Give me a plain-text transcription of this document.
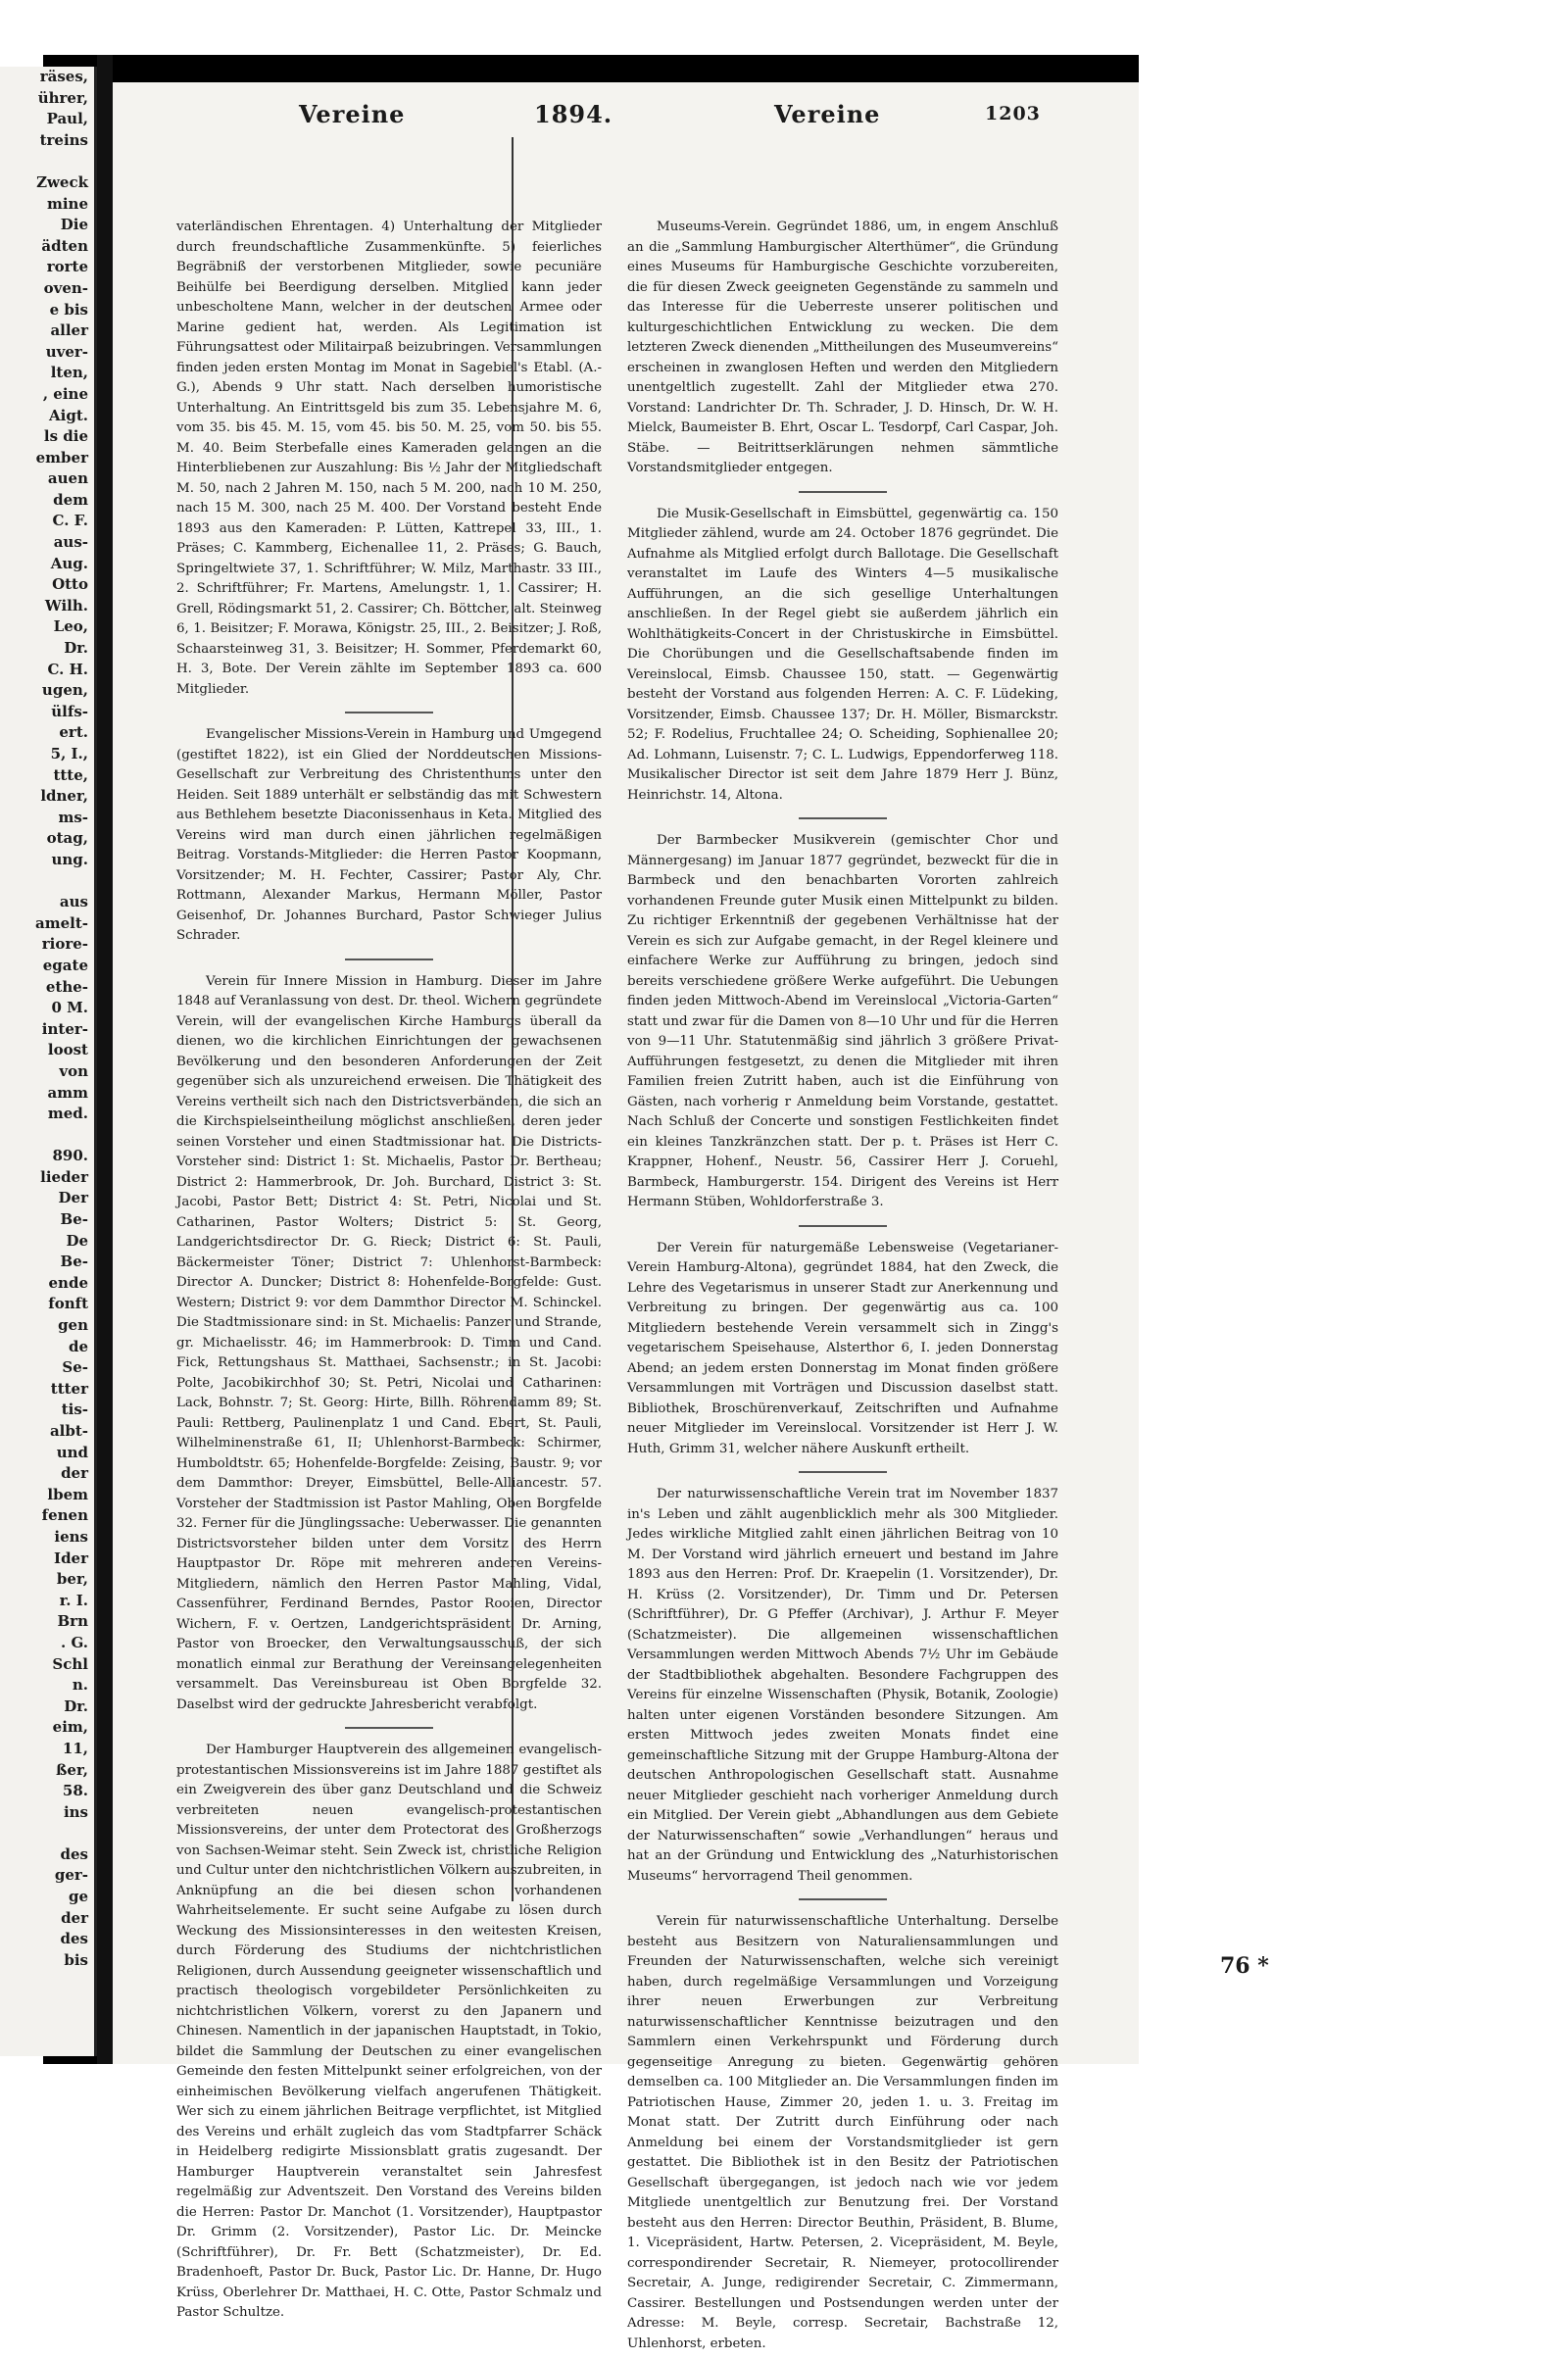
räses,
ührer,
Paul,
treins

Zweck
mine
Die
ädten
rorte
oven-
e bis
aller
uver-
lten,
, eine
Aigt.
ls die
ember
auen
dem
C. F.
aus-
Aug.
Otto
Wilh.
Leo,
Dr.
C. H.
ugen,
ülfs-
ert.
5, I.,
ttte,
ldner,
ms-
otag,
ung.

aus
amelt-
riore-
egate
ethe-
0 M.
inter-
loost
von
amm
med.

890.
lieder
Der
Be-
De
Be-
ende
fonft
gen
de
Se-
ttter
tis-
albt-
und
der
lbem
fenen
iens
Ider
ber,
r. I.
Brn
. G.
Schl
n.
Dr.
eim,
11,
ßer,
58.
ins

des
ger-
ge
der
des
bis
Vereine	1894.	Vereine	1203

vaterländischen Ehrentagen. 4) Unterhaltung der Mitglieder durch freundschaftliche Zusammenkünfte. 5) feierliches Begräbniß der verstorbenen Mitglieder, sowie pecuniäre Beihülfe bei Beerdigung derselben. Mitglied kann jeder unbescholtene Mann, welcher in der deutschen Armee oder Marine gedient hat, werden. Als Legitimation ist Führungsattest oder Militairpaß beizubringen. Versammlungen finden jeden ersten Montag im Monat in Sagebiel's Etabl. (A.-G.), Abends 9 Uhr statt. Nach derselben humoristische Unterhaltung. An Eintrittsgeld bis zum 35. Lebensjahre M. 6, vom 35. bis 45. M. 15, vom 45. bis 50. M. 25, vom 50. bis 55. M. 40. Beim Sterbefalle eines Kameraden gelangen an die Hinterbliebenen zur Auszahlung: Bis ½ Jahr der Mitgliedschaft M. 50, nach 2 Jahren M. 150, nach 5 M. 200, nach 10 M. 250, nach 15 M. 300, nach 25 M. 400. Der Vorstand besteht Ende 1893 aus den Kameraden: P. Lütten, Kattrepel 33, III., 1. Präses; C. Kammberg, Eichenallee 11, 2. Präses; G. Bauch, Springeltwiete 37, 1. Schriftführer; W. Milz, Marthastr. 33 III., 2. Schriftführer; Fr. Martens, Amelungstr. 1, 1. Cassirer; H. Grell, Rödingsmarkt 51, 2. Cassirer; Ch. Böttcher, alt. Steinweg 6, 1. Beisitzer; F. Morawa, Königstr. 25, III., 2. Beisitzer; J. Roß, Schaarsteinweg 31, 3. Beisitzer; H. Sommer, Pferdemarkt 60, H. 3, Bote. Der Verein zählte im September 1893 ca. 600 Mitglieder.

Evangelischer Missions-Verein in Hamburg und Umgegend (gestiftet 1822), ist ein Glied der Norddeutschen Missions-Gesellschaft zur Verbreitung des Christenthums unter den Heiden. Seit 1889 unterhält er selbständig das mit Schwestern aus Bethlehem besetzte Diaconissenhaus in Keta. Mitglied des Vereins wird man durch einen jährlichen regelmäßigen Beitrag. Vorstands-Mitglieder: die Herren Pastor Koopmann, Vorsitzender; M. H. Fechter, Cassirer; Pastor Aly, Chr. Rottmann, Alexander Markus, Hermann Möller, Pastor Geisenhof, Dr. Johannes Burchard, Pastor Schwieger Julius Schrader.

Verein für Innere Mission in Hamburg. Dieser im Jahre 1848 auf Veranlassung von dest. Dr. theol. Wichern gegründete Verein, will der evangelischen Kirche Hamburgs überall da dienen, wo die kirchlichen Einrichtungen der gewachsenen Bevölkerung und den besonderen Anforderungen der Zeit gegenüber sich als unzureichend erweisen. Die Thätigkeit des Vereins vertheilt sich nach den Districtsverbänden, die sich an die Kirchspielseintheilung möglichst anschließen, deren jeder seinen Vorsteher und einen Stadtmissionar hat. Die Districts-Vorsteher sind: District 1: St. Michaelis, Pastor Dr. Bertheau; District 2: Hammerbrook, Dr. Joh. Burchard, District 3: St. Jacobi, Pastor Bett; District 4: St. Petri, Nicolai und St. Catharinen, Pastor Wolters; District 5: St. Georg, Landgerichtsdirector Dr. G. Rieck; District 6: St. Pauli, Bäckermeister Töner; District 7: Uhlenhorst-Barmbeck: Director A. Duncker; District 8: Hohenfelde-Borgfelde: Gust. Western; District 9: vor dem Dammthor Director M. Schinckel. Die Stadtmissionare sind: in St. Michaelis: Panzer und Strande, gr. Michaelisstr. 46; im Hammerbrook: D. Timm und Cand. Fick, Rettungshaus St. Matthaei, Sachsenstr.; in St. Jacobi: Polte, Jacobikirchhof 30; St. Petri, Nicolai und Catharinen: Lack, Bohnstr. 7; St. Georg: Hirte, Billh. Röhrendamm 89; St. Pauli: Rettberg, Paulinenplatz 1 und Cand. Ebert, St. Pauli, Wilhelminenstraße 61, II; Uhlenhorst-Barmbeck: Schirmer, Humboldtstr. 65; Hohenfelde-Borgfelde: Zeising, Baustr. 9; vor dem Dammthor: Dreyer, Eimsbüttel, Belle-Alliancestr. 57. Vorsteher der Stadtmission ist Pastor Mahling, Oben Borgfelde 32. Ferner für die Jünglingssache: Ueberwasser. Die genannten Districtsvorsteher bilden unter dem Vorsitz des Herrn Hauptpastor Dr. Röpe mit mehreren anderen Vereins-Mitgliedern, nämlich den Herren Pastor Mahling, Vidal, Cassenführer, Ferdinand Berndes, Pastor Rooien, Director Wichern, F. v. Oertzen, Landgerichtspräsident Dr. Arning, Pastor von Broecker, den Verwaltungsausschuß, der sich monatlich einmal zur Berathung der Vereinsangelegenheiten versammelt. Das Vereinsbureau ist Oben Borgfelde 32. Daselbst wird der gedruckte Jahresbericht verabfolgt.

Der Hamburger Hauptverein des allgemeinen evangelisch-protestantischen Missionsvereins ist im Jahre 1887 gestiftet als ein Zweigverein des über ganz Deutschland und die Schweiz verbreiteten neuen evangelisch-protestantischen Missionsvereins, der unter dem Protectorat des Großherzogs von Sachsen-Weimar steht. Sein Zweck ist, christliche Religion und Cultur unter den nichtchristlichen Völkern auszubreiten, in Anknüpfung an die bei diesen schon vorhandenen Wahrheitselemente. Er sucht seine Aufgabe zu lösen durch Weckung des Missionsinteresses in den weitesten Kreisen, durch Förderung des Studiums der nichtchristlichen Religionen, durch Aussendung geeigneter wissenschaftlich und practisch theologisch vorgebildeter Persönlichkeiten zu nichtchristlichen Völkern, vorerst zu den Japanern und Chinesen. Namentlich in der japanischen Hauptstadt, in Tokio, bildet die Sammlung der Deutschen zu einer evangelischen Gemeinde den festen Mittelpunkt seiner erfolgreichen, von der einheimischen Bevölkerung vielfach angerufenen Thätigkeit. Wer sich zu einem jährlichen Beitrage verpflichtet, ist Mitglied des Vereins und erhält zugleich das vom Stadtpfarrer Schäck in Heidelberg redigirte Missionsblatt gratis zugesandt. Der Hamburger Hauptverein veranstaltet sein Jahresfest regelmäßig zur Adventszeit. Den Vorstand des Vereins bilden die Herren: Pastor Dr. Manchot (1. Vorsitzender), Hauptpastor Dr. Grimm (2. Vorsitzender), Pastor Lic. Dr. Meincke (Schriftführer), Dr. Fr. Bett (Schatzmeister), Dr. Ed. Bradenhoeft, Pastor Dr. Buck, Pastor Lic. Dr. Hanne, Dr. Hugo Krüss, Oberlehrer Dr. Matthaei, H. C. Otte, Pastor Schmalz und Pastor Schultze.

Museums-Verein. Gegründet 1886, um, in engem Anschluß an die „Sammlung Hamburgischer Alterthümer“, die Gründung eines Museums für Hamburgische Geschichte vorzubereiten, die für diesen Zweck geeigneten Gegenstände zu sammeln und das Interesse für die Ueberreste unserer politischen und kulturgeschichtlichen Entwicklung zu wecken. Die dem letzteren Zweck dienenden „Mittheilungen des Museumvereins“ erscheinen in zwanglosen Heften und werden den Mitgliedern unentgeltlich zugestellt. Zahl der Mitglieder etwa 270. Vorstand: Landrichter Dr. Th. Schrader, J. D. Hinsch, Dr. W. H. Mielck, Baumeister B. Ehrt, Oscar L. Tesdorpf, Carl Caspar, Joh. Stäbe. — Beitrittserklärungen nehmen sämmtliche Vorstandsmitglieder entgegen.

Die Musik-Gesellschaft in Eimsbüttel, gegenwärtig ca. 150 Mitglieder zählend, wurde am 24. October 1876 gegründet. Die Aufnahme als Mitglied erfolgt durch Ballotage. Die Gesellschaft veranstaltet im Laufe des Winters 4—5 musikalische Aufführungen, an die sich gesellige Unterhaltungen anschließen. In der Regel giebt sie außerdem jährlich ein Wohlthätigkeits-Concert in der Christuskirche in Eimsbüttel. Die Chorübungen und die Gesellschaftsabende finden im Vereinslocal, Eimsb. Chaussee 150, statt. — Gegenwärtig besteht der Vorstand aus folgenden Herren: A. C. F. Lüdeking, Vorsitzender, Eimsb. Chaussee 137; Dr. H. Möller, Bismarckstr. 52; F. Rodelius, Fruchtallee 24; O. Scheiding, Sophienallee 20; Ad. Lohmann, Luisenstr. 7; C. L. Ludwigs, Eppendorferweg 118. Musikalischer Director ist seit dem Jahre 1879 Herr J. Bünz, Heinrichstr. 14, Altona.

Der Barmbecker Musikverein (gemischter Chor und Männergesang) im Januar 1877 gegründet, bezweckt für die in Barmbeck und den benachbarten Vororten zahlreich vorhandenen Freunde guter Musik einen Mittelpunkt zu bilden. Zu richtiger Erkenntniß der gegebenen Verhältnisse hat der Verein es sich zur Aufgabe gemacht, in der Regel kleinere und einfachere Werke zur Aufführung zu bringen, jedoch sind bereits verschiedene größere Werke aufgeführt. Die Uebungen finden jeden Mittwoch-Abend im Vereinslocal „Victoria-Garten“ statt und zwar für die Damen von 8—10 Uhr und für die Herren von 9—11 Uhr. Statutenmäßig sind jährlich 3 größere Privat-Aufführungen festgesetzt, zu denen die Mitglieder mit ihren Familien freien Zutritt haben, auch ist die Einführung von Gästen, nach vorherig r Anmeldung beim Vorstande, gestattet. Nach Schluß der Concerte und sonstigen Festlichkeiten findet ein kleines Tanzkränzchen statt. Der p. t. Präses ist Herr C. Krappner, Hohenf., Neustr. 56, Cassirer Herr J. Coruehl, Barmbeck, Hamburgerstr. 154. Dirigent des Vereins ist Herr Hermann Stüben, Wohldorferstraße 3.

Der Verein für naturgemäße Lebensweise (Vegetarianer-Verein Hamburg-Altona), gegründet 1884, hat den Zweck, die Lehre des Vegetarismus in unserer Stadt zur Anerkennung und Verbreitung zu bringen. Der gegenwärtig aus ca. 100 Mitgliedern bestehende Verein versammelt sich in Zingg's vegetarischem Speisehause, Alsterthor 6, I. jeden Donnerstag Abend; an jedem ersten Donnerstag im Monat finden größere Versammlungen mit Vorträgen und Discussion daselbst statt. Bibliothek, Broschürenverkauf, Zeitschriften und Aufnahme neuer Mitglieder im Vereinslocal. Vorsitzender ist Herr J. W. Huth, Grimm 31, welcher nähere Auskunft ertheilt.

Der naturwissenschaftliche Verein trat im November 1837 in's Leben und zählt augenblicklich mehr als 300 Mitglieder. Jedes wirkliche Mitglied zahlt einen jährlichen Beitrag von 10 M. Der Vorstand wird jährlich erneuert und bestand im Jahre 1893 aus den Herren: Prof. Dr. Kraepelin (1. Vorsitzender), Dr. H. Krüss (2. Vorsitzender), Dr. Timm und Dr. Petersen (Schriftführer), Dr. G Pfeffer (Archivar), J. Arthur F. Meyer (Schatzmeister). Die allgemeinen wissenschaftlichen Versammlungen werden Mittwoch Abends 7½ Uhr im Gebäude der Stadtbibliothek abgehalten. Besondere Fachgruppen des Vereins für einzelne Wissenschaften (Physik, Botanik, Zoologie) halten unter eigenen Vorständen besondere Sitzungen. Am ersten Mittwoch jedes zweiten Monats findet eine gemeinschaftliche Sitzung mit der Gruppe Hamburg-Altona der deutschen Anthropologischen Gesellschaft statt. Ausnahme neuer Mitglieder geschieht nach vorheriger Anmeldung durch ein Mitglied. Der Verein giebt „Abhandlungen aus dem Gebiete der Naturwissenschaften“ sowie „Verhandlungen“ heraus und hat an der Gründung und Entwicklung des „Naturhistorischen Museums“ hervorragend Theil genommen.

Verein für naturwissenschaftliche Unterhaltung. Derselbe besteht aus Besitzern von Naturaliensammlungen und Freunden der Naturwissenschaften, welche sich vereinigt haben, durch regelmäßige Versammlungen und Vorzeigung ihrer neuen Erwerbungen zur Verbreitung naturwissenschaftlicher Kenntnisse beizutragen und den Sammlern einen Verkehrspunkt und Förderung durch gegenseitige Anregung zu bieten. Gegenwärtig gehören demselben ca. 100 Mitglieder an. Die Versammlungen finden im Patriotischen Hause, Zimmer 20, jeden 1. u. 3. Freitag im Monat statt. Der Zutritt durch Einführung oder nach Anmeldung bei einem der Vorstandsmitglieder ist gern gestattet. Die Bibliothek ist in den Besitz der Patriotischen Gesellschaft übergegangen, ist jedoch nach wie vor jedem Mitgliede unentgeltlich zur Benutzung frei. Der Vorstand besteht aus den Herren: Director Beuthin, Präsident, B. Blume, 1. Vicepräsident, Hartw. Petersen, 2. Vicepräsident, M. Beyle, correspondirender Secretair, R. Niemeyer, protocollirender Secretair, A. Junge, redigirender Secretair, C. Zimmermann, Cassirer. Bestellungen und Postsendungen werden unter der Adresse: M. Beyle, corresp. Secretair, Bachstraße 12, Uhlenhorst, erbeten.

76 *
